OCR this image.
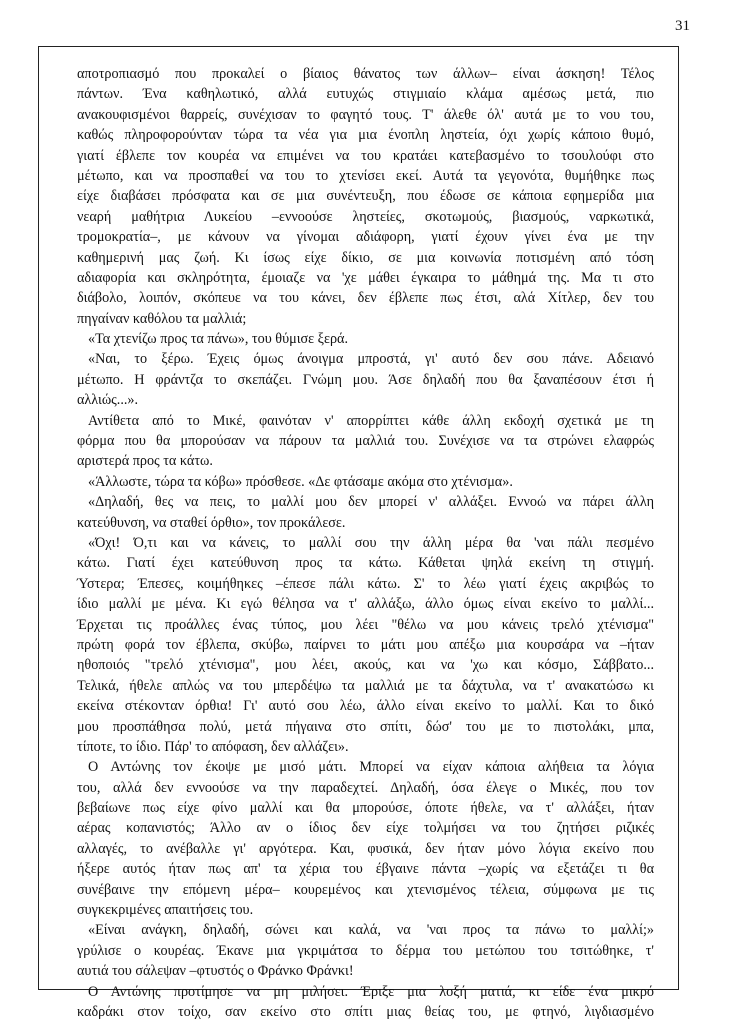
31
αποτροπιασμό που προκαλεί ο βίαιος θάνατος των άλλων– είναι άσκηση! Τέλος
πάντων. Ένα καθηλωτικό, αλλά ευτυχώς στιγμιαίο κλάμα αμέσως μετά, πιο
ανακουφισμένοι θαρρείς, συνέχισαν το φαγητό τους. Τ' άλεθε όλ' αυτά με το νου του,
καθώς πληροφορούνταν τώρα τα νέα για μια ένοπλη ληστεία, όχι χωρίς κάποιο θυμό,
γιατί έβλεπε τον κουρέα να επιμένει να του κρατάει κατεβασμένο το τσουλούφι στο
μέτωπο, και να προσπαθεί να του το χτενίσει εκεί. Αυτά τα γεγονότα, θυμήθηκε πως
είχε διαβάσει πρόσφατα και σε μια συνέντευξη, που έδωσε σε κάποια εφημερίδα μια
νεαρή μαθήτρια Λυκείου –εννοούσε ληστείες, σκοτωμούς, βιασμούς, ναρκωτικά,
τρομοκρατία–, με κάνουν να γίνομαι αδιάφορη, γιατί έχουν γίνει ένα με την
καθημερινή μας ζωή. Κι ίσως είχε δίκιο, σε μια κοινωνία ποτισμένη από τόση
αδιαφορία και σκληρότητα, έμοιαζε να 'χε μάθει έγκαιρα το μάθημά της. Μα τι στο
διάβολο, λοιπόν, σκόπευε να του κάνει, δεν έβλεπε πως έτσι, αλά Χίτλερ, δεν του
πηγαίναν καθόλου τα μαλλιά;
«Τα χτενίζω προς τα πάνω», του θύμισε ξερά.
«Ναι, το ξέρω. Έχεις όμως άνοιγμα μπροστά, γι' αυτό δεν σου πάνε. Αδειανό
μέτωπο. Η φράντζα το σκεπάζει. Γνώμη μου. Άσε δηλαδή που θα ξαναπέσουν έτσι ή
αλλιώς...».
Αντίθετα από το Μικέ, φαινόταν ν' απορρίπτει κάθε άλλη εκδοχή σχετικά με τη
φόρμα που θα μπορούσαν να πάρουν τα μαλλιά του. Συνέχισε να τα στρώνει ελαφρώς
αριστερά προς τα κάτω.
«Άλλωστε, τώρα τα κόβω» πρόσθεσε. «Δε φτάσαμε ακόμα στο χτένισμα».
«Δηλαδή, θες να πεις, το μαλλί μου δεν μπορεί ν' αλλάξει. Εννοώ να πάρει άλλη
κατεύθυνση, να σταθεί όρθιο», τον προκάλεσε.
«Όχι! Ό,τι και να κάνεις, το μαλλί σου την άλλη μέρα θα 'ναι πάλι πεσμένο
κάτω. Γιατί έχει κατεύθυνση προς τα κάτω. Κάθεται ψηλά εκείνη τη στιγμή.
Ύστερα; Έπεσες, κοιμήθηκες –έπεσε πάλι κάτω. Σ' το λέω γιατί έχεις ακριβώς το
ίδιο μαλλί με μένα. Κι εγώ θέλησα να τ' αλλάξω, άλλο όμως είναι εκείνο το μαλλί...
Έρχεται τις προάλλες ένας τύπος, μου λέει "θέλω να μου κάνεις τρελό χτένισμα"
πρώτη φορά τον έβλεπα, σκύβω, παίρνει το μάτι μου απέξω μια κουρσάρα να –ήταν
ηθοποιός "τρελό χτένισμα", μου λέει, ακούς, και να 'χω και κόσμο, Σάββατο...
Τελικά, ήθελε απλώς να του μπερδέψω τα μαλλιά με τα δάχτυλα, να τ' ανακατώσω κι
εκείνα στέκονταν όρθια! Γι' αυτό σου λέω, άλλο είναι εκείνο το μαλλί. Και το δικό
μου προσπάθησα πολύ, μετά πήγαινα στο σπίτι, δώσ' του με το πιστολάκι, μπα,
τίποτε, το ίδιο. Πάρ' το απόφαση, δεν αλλάζει».
Ο Αντώνης τον έκοψε με μισό μάτι. Μπορεί να είχαν κάποια αλήθεια τα λόγια
του, αλλά δεν εννοούσε να την παραδεχτεί. Δηλαδή, όσα έλεγε ο Μικές, που τον
βεβαίωνε πως είχε φίνο μαλλί και θα μπορούσε, όποτε ήθελε, να τ' αλλάξει, ήταν
αέρας κοπανιστός; Άλλο αν ο ίδιος δεν είχε τολμήσει να του ζητήσει ριζικές
αλλαγές, το ανέβαλλε γι' αργότερα. Και, φυσικά, δεν ήταν μόνο λόγια εκείνο που
ήξερε αυτός ήταν πως απ' τα χέρια του έβγαινε πάντα –χωρίς να εξετάζει τι θα
συνέβαινε την επόμενη μέρα– κουρεμένος και χτενισμένος τέλεια, σύμφωνα με τις
συγκεκριμένες απαιτήσεις του.
«Είναι ανάγκη, δηλαδή, σώνει και καλά, να 'ναι προς τα πάνω το μαλλί;»
γρύλισε ο κουρέας. Έκανε μια γκριμάτσα το δέρμα του μετώπου του τσιτώθηκε, τ'
αυτιά του σάλεψαν –φτυστός ο Φράνκο Φράνκι!
Ο Αντώνης προτίμησε να μη μιλήσει. Έριξε μια λοξή ματιά, κι είδε ένα μικρό
καδράκι στον τοίχο, σαν εκείνο στο σπίτι μιας θείας του, με φτηνό, λιγδιασμένο
